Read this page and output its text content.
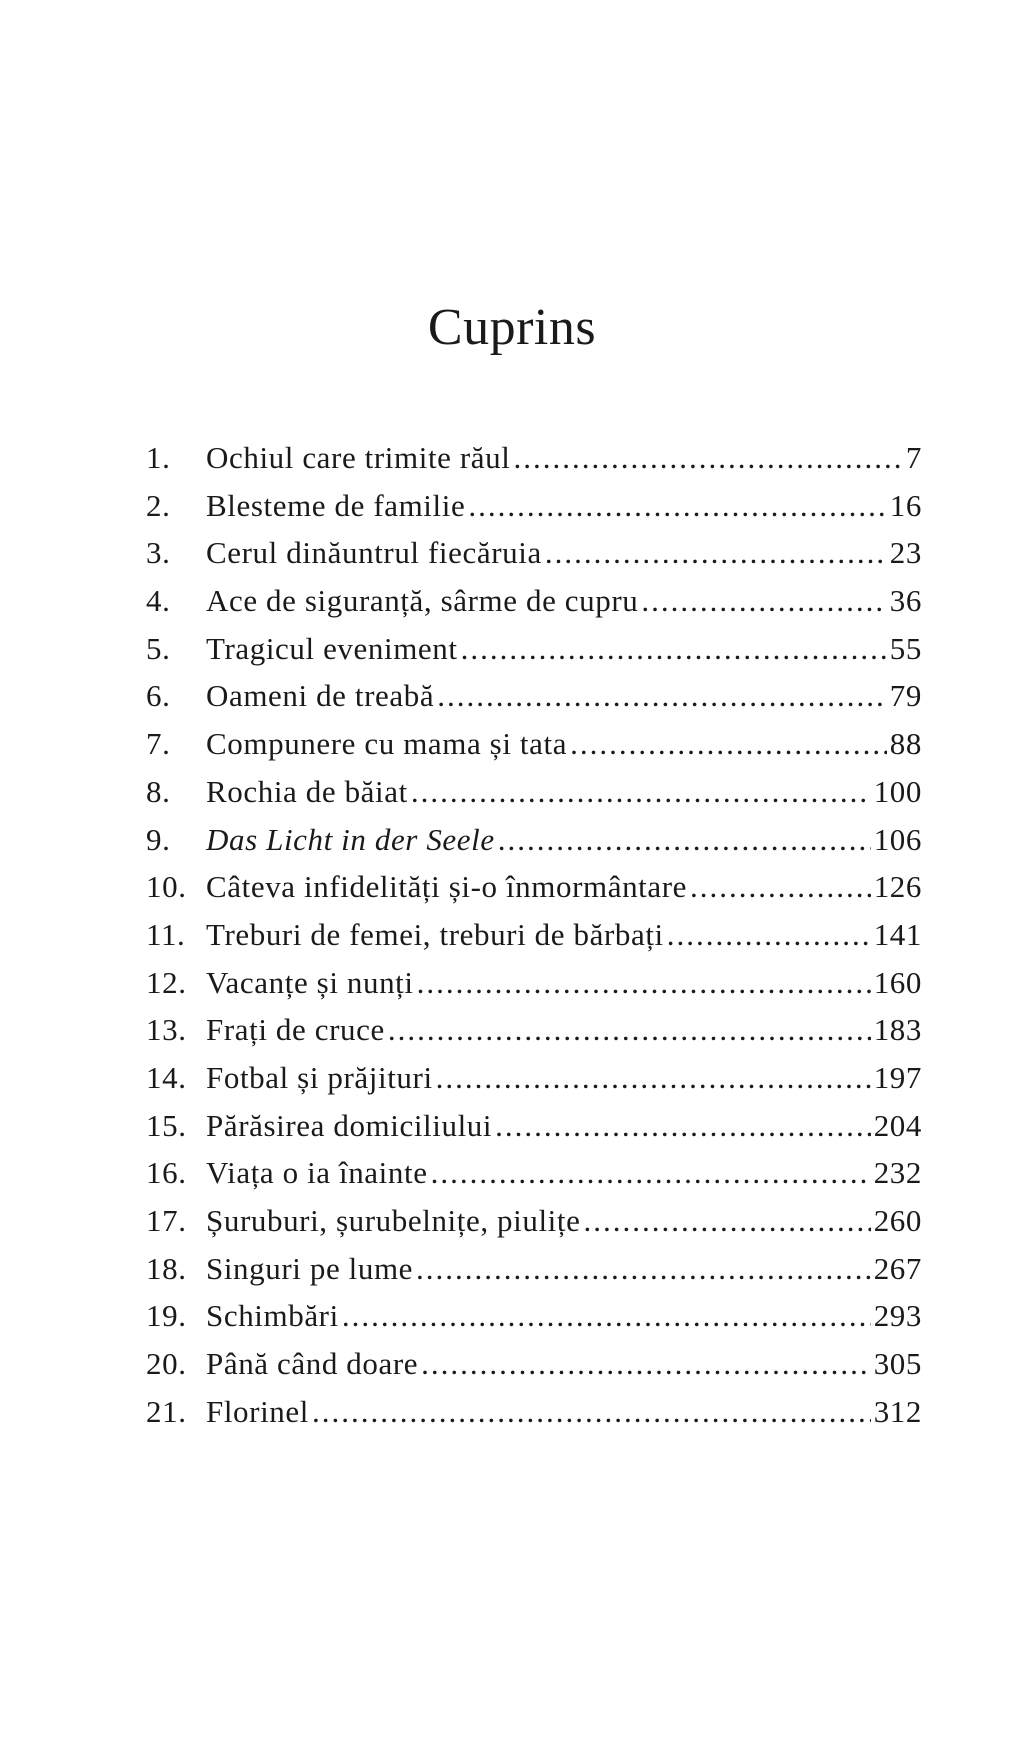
Cuprins
1.	Ochiul care trimite răul .....	7
2.	Blesteme de familie .....	16
3.	Cerul dinăuntrul fiecăruia .....	23
4.	Ace de siguranță, sârme de cupru .....	36
5.	Tragicul eveniment .....	55
6.	Oameni de treabă .....	79
7.	Compunere cu mama și tata .....	88
8.	Rochia de băiat .....	100
9.	Das Licht in der Seele .....	106
10. Câteva infidelități și-o înmormântare .....	126
11. Treburi de femei, treburi de bărbați .....	141
12. Vacanțe și nunți .....	160
13. Frați de cruce .....	183
14. Fotbal și prăjituri .....	197
15. Părăsirea domiciliului .....	204
16. Viața o ia înainte .....	232
17. Șuruburi, șurubelnițe, piulițe .....	260
18. Singuri pe lume .....	267
19. Schimbări .....	293
20. Până când doare .....	305
21. Florinel .....	312
